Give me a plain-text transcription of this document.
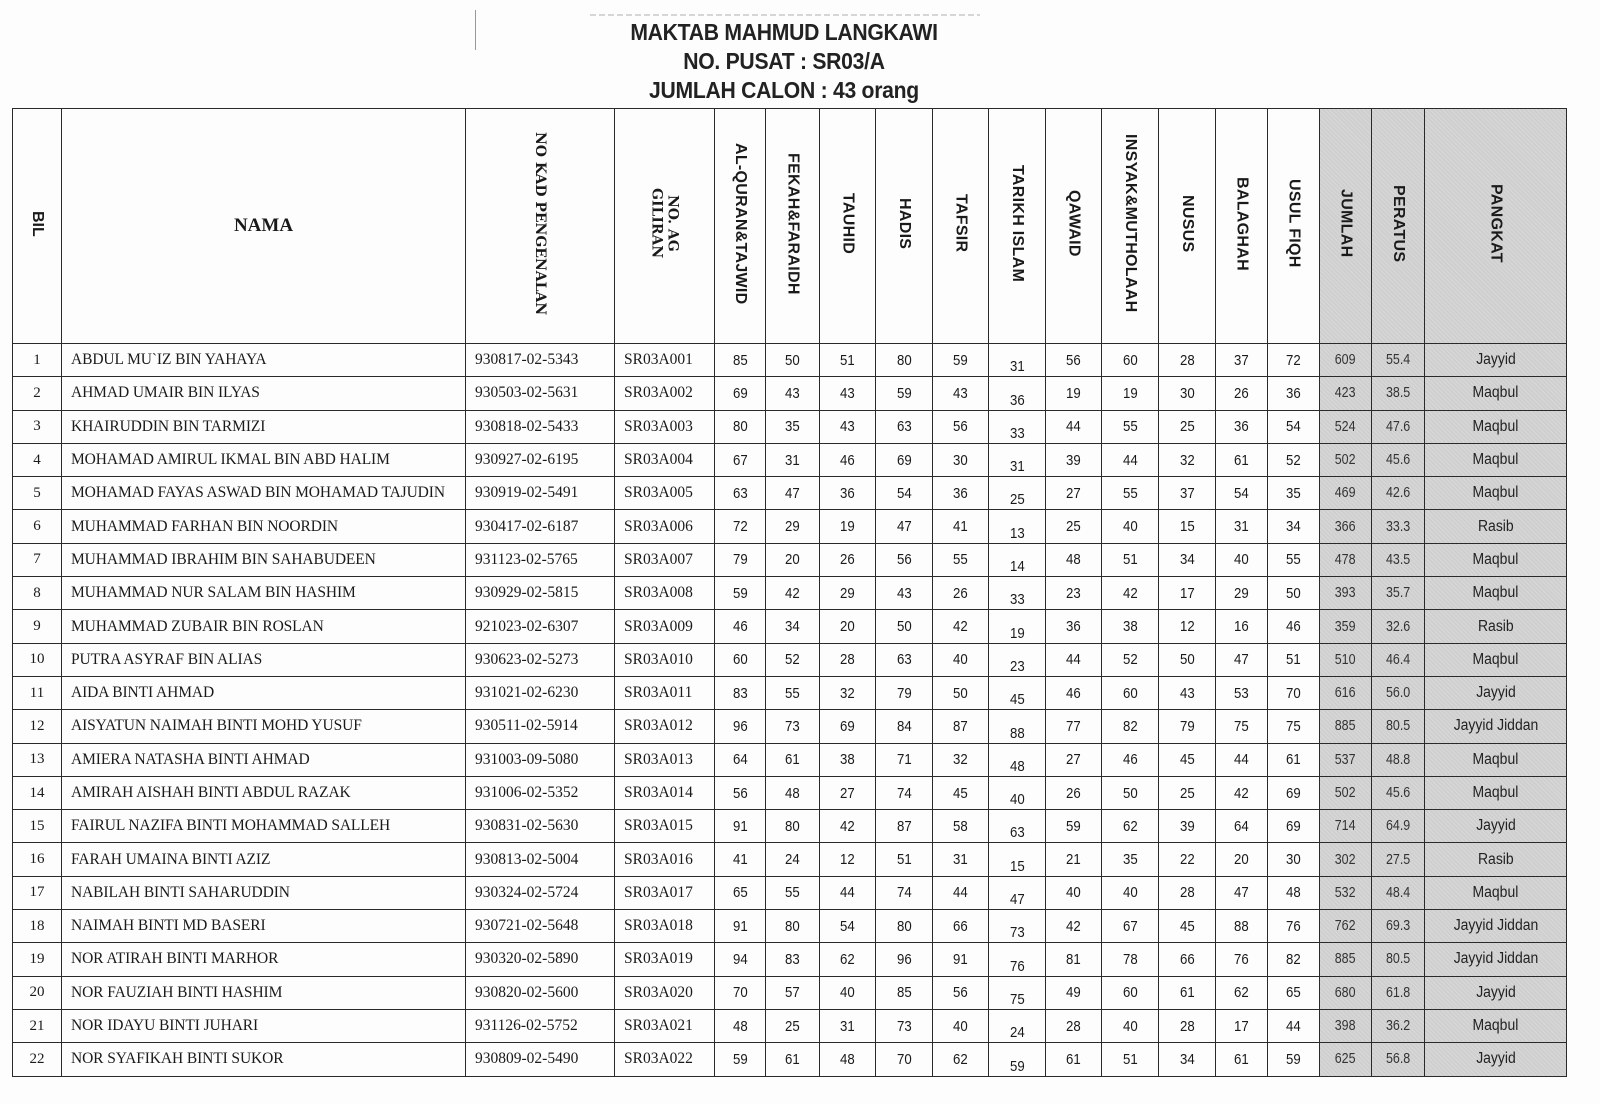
MAKTAB MAHMUD LANGKAWI
NO. PUSAT : SR03/A
JUMLAH CALON : 43 orang
BIL	NAMA	NO KAD PENGENALAN	NO. AG
GILIRAN	AL-QURAN&TAJWID	FEKAH&FARAIDH	TAUHID	HADIS	TAFSIR	TARIKH ISLAM	QAWAID	INSYAK&MUTHOLAAH	NUSUS	BALAGHAH	USUL FIQH	JUMLAH	PERATUS	PANGKAT
1	ABDUL MU`IZ BIN YAHAYA	930817-02-5343	SR03A001	85	50	51	80	59	31	56	60	28	37	72	609	55.4	Jayyid
2	AHMAD UMAIR BIN ILYAS	930503-02-5631	SR03A002	69	43	43	59	43	36	19	19	30	26	36	423	38.5	Maqbul
3	KHAIRUDDIN BIN TARMIZI	930818-02-5433	SR03A003	80	35	43	63	56	33	44	55	25	36	54	524	47.6	Maqbul
4	MOHAMAD AMIRUL IKMAL BIN ABD HALIM	930927-02-6195	SR03A004	67	31	46	69	30	31	39	44	32	61	52	502	45.6	Maqbul
5	MOHAMAD FAYAS ASWAD BIN MOHAMAD TAJUDIN	930919-02-5491	SR03A005	63	47	36	54	36	25	27	55	37	54	35	469	42.6	Maqbul
6	MUHAMMAD FARHAN BIN NOORDIN	930417-02-6187	SR03A006	72	29	19	47	41	13	25	40	15	31	34	366	33.3	Rasib
7	MUHAMMAD IBRAHIM BIN SAHABUDEEN	931123-02-5765	SR03A007	79	20	26	56	55	14	48	51	34	40	55	478	43.5	Maqbul
8	MUHAMMAD NUR SALAM BIN HASHIM	930929-02-5815	SR03A008	59	42	29	43	26	33	23	42	17	29	50	393	35.7	Maqbul
9	MUHAMMAD ZUBAIR BIN ROSLAN	921023-02-6307	SR03A009	46	34	20	50	42	19	36	38	12	16	46	359	32.6	Rasib
10	PUTRA ASYRAF BIN ALIAS	930623-02-5273	SR03A010	60	52	28	63	40	23	44	52	50	47	51	510	46.4	Maqbul
11	AIDA BINTI AHMAD	931021-02-6230	SR03A011	83	55	32	79	50	45	46	60	43	53	70	616	56.0	Jayyid
12	AISYATUN NAIMAH BINTI MOHD YUSUF	930511-02-5914	SR03A012	96	73	69	84	87	88	77	82	79	75	75	885	80.5	Jayyid Jiddan
13	AMIERA NATASHA BINTI AHMAD	931003-09-5080	SR03A013	64	61	38	71	32	48	27	46	45	44	61	537	48.8	Maqbul
14	AMIRAH AISHAH BINTI ABDUL RAZAK	931006-02-5352	SR03A014	56	48	27	74	45	40	26	50	25	42	69	502	45.6	Maqbul
15	FAIRUL NAZIFA BINTI MOHAMMAD SALLEH	930831-02-5630	SR03A015	91	80	42	87	58	63	59	62	39	64	69	714	64.9	Jayyid
16	FARAH UMAINA BINTI AZIZ	930813-02-5004	SR03A016	41	24	12	51	31	15	21	35	22	20	30	302	27.5	Rasib
17	NABILAH BINTI SAHARUDDIN	930324-02-5724	SR03A017	65	55	44	74	44	47	40	40	28	47	48	532	48.4	Maqbul
18	NAIMAH BINTI MD BASERI	930721-02-5648	SR03A018	91	80	54	80	66	73	42	67	45	88	76	762	69.3	Jayyid Jiddan
19	NOR ATIRAH BINTI MARHOR	930320-02-5890	SR03A019	94	83	62	96	91	76	81	78	66	76	82	885	80.5	Jayyid Jiddan
20	NOR FAUZIAH BINTI HASHIM	930820-02-5600	SR03A020	70	57	40	85	56	75	49	60	61	62	65	680	61.8	Jayyid
21	NOR IDAYU BINTI JUHARI	931126-02-5752	SR03A021	48	25	31	73	40	24	28	40	28	17	44	398	36.2	Maqbul
22	NOR SYAFIKAH BINTI SUKOR	930809-02-5490	SR03A022	59	61	48	70	62	59	61	51	34	61	59	625	56.8	Jayyid
